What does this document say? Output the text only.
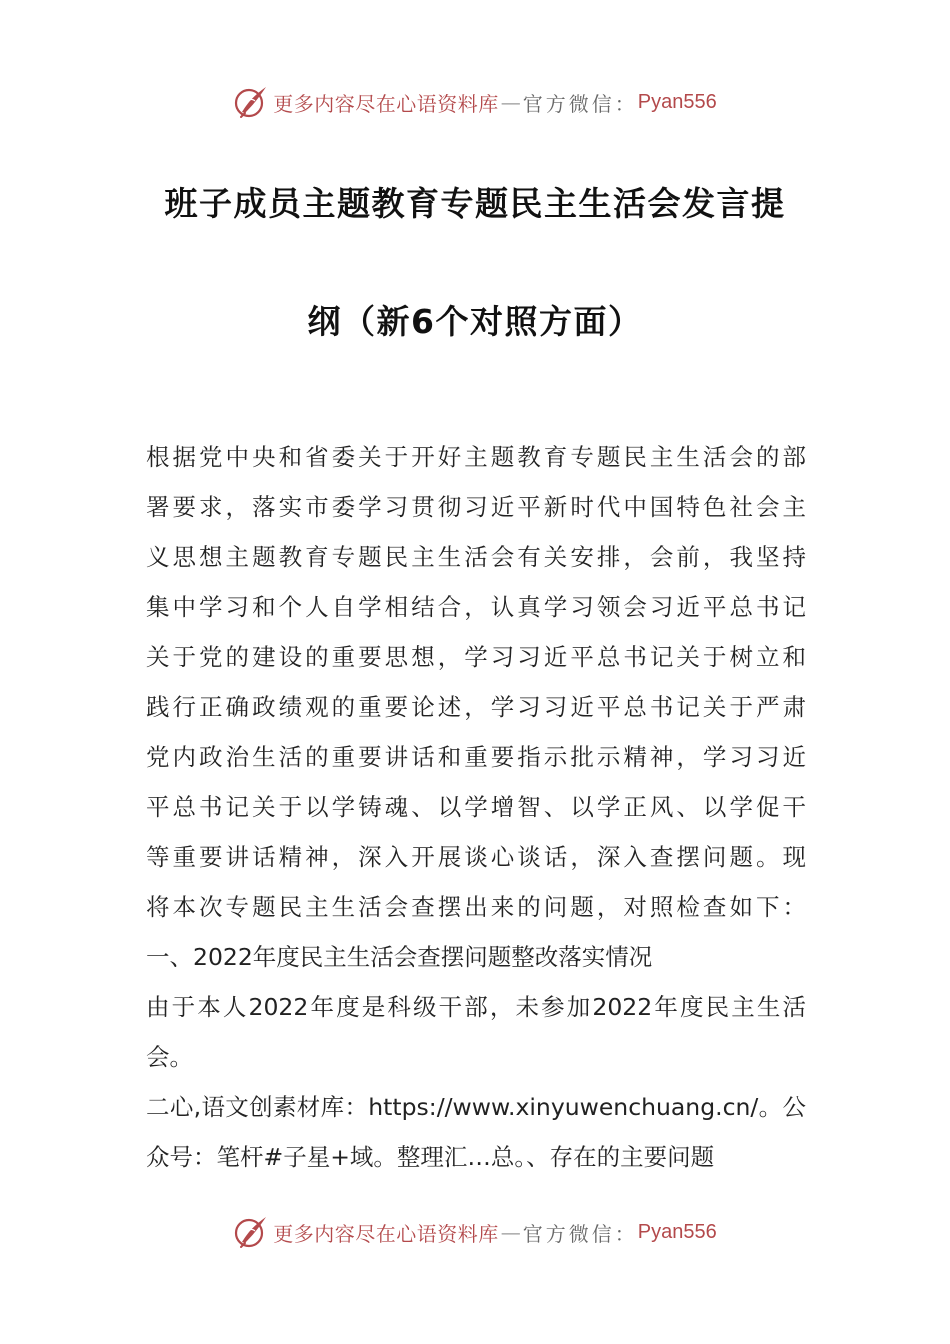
更多内容尽在心语资料库 — 官方微信： Pyan556
班子成员主题教育专题民主生活会发言提
纲（新6个对照方面）
根据党中央和省委关于开好主题教育专题民主生活会的部
署要求，落实市委学习贯彻习近平新时代中国特色社会主
义思想主题教育专题民主生活会有关安排，会前，我坚持
集中学习和个人自学相结合，认真学习领会习近平总书记
关于党的建设的重要思想，学习习近平总书记关于树立和
践行正确政绩观的重要论述，学习习近平总书记关于严肃
党内政治生活的重要讲话和重要指示批示精神，学习习近
平总书记关于以学铸魂、以学增智、以学正风、以学促干
等重要讲话精神，深入开展谈心谈话，深入查摆问题。现
将本次专题民主生活会查摆出来的问题，对照检查如下：
一、2022年度民主生活会查摆问题整改落实情况
由于本人2022年度是科级干部，未参加2022年度民主生活
会。
二心,语文创素材库：https://www.xinyuwenchuang.cn/。公
众号：笔杆#子星+域。整理汇…总。、存在的主要问题
更多内容尽在心语资料库 — 官方微信： Pyan556
